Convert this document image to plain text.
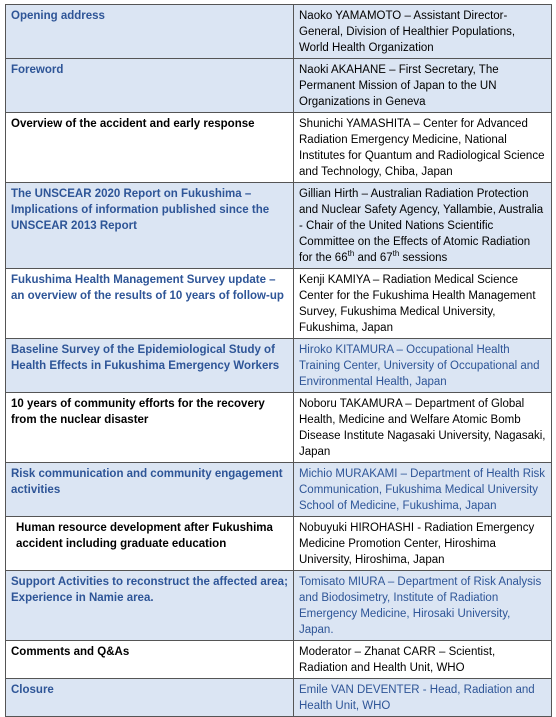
Opening address	Naoko YAMAMOTO – Assistant Director-General, Division of Healthier Populations, World Health Organization
Foreword	Naoki AKAHANE – First Secretary, The Permanent Mission of Japan to the UN Organizations in Geneva
Overview of the accident and early response	Shunichi YAMASHITA – Center for Advanced Radiation Emergency Medicine, National Institutes for Quantum and Radiological Science and Technology, Chiba, Japan
The UNSCEAR 2020 Report on Fukushima – Implications of information published since the UNSCEAR 2013 Report	Gillian Hirth – Australian Radiation Protection and Nuclear Safety Agency, Yallambie, Australia - Chair of the United Nations Scientific Committee on the Effects of Atomic Radiation for the 66th and 67th sessions
Fukushima Health Management Survey update – an overview of the results of 10 years of follow-up	Kenji KAMIYA – Radiation Medical Science Center for the Fukushima Health Management Survey, Fukushima Medical University, Fukushima, Japan
Baseline Survey of the Epidemiological Study of Health Effects in Fukushima Emergency Workers	Hiroko KITAMURA – Occupational Health Training Center, University of Occupational and Environmental Health, Japan
10 years of community efforts for the recovery from the nuclear disaster	Noboru TAKAMURA – Department of Global Health, Medicine and Welfare Atomic Bomb Disease Institute Nagasaki University, Nagasaki, Japan
Risk communication and community engagement activities	Michio MURAKAMI – Department of Health Risk Communication, Fukushima Medical University School of Medicine, Fukushima, Japan
Human resource development after Fukushima accident including graduate education	Nobuyuki HIROHASHI - Radiation Emergency Medicine Promotion Center, Hiroshima University, Hiroshima, Japan
Support Activities to reconstruct the affected area; Experience in Namie area.	Tomisato MIURA – Department of Risk Analysis and Biodosimetry, Institute of Radiation Emergency Medicine, Hirosaki University, Japan.
Comments and Q&As	Moderator – Zhanat CARR – Scientist, Radiation and Health Unit, WHO
Closure	Emile VAN DEVENTER - Head, Radiation and Health Unit, WHO
